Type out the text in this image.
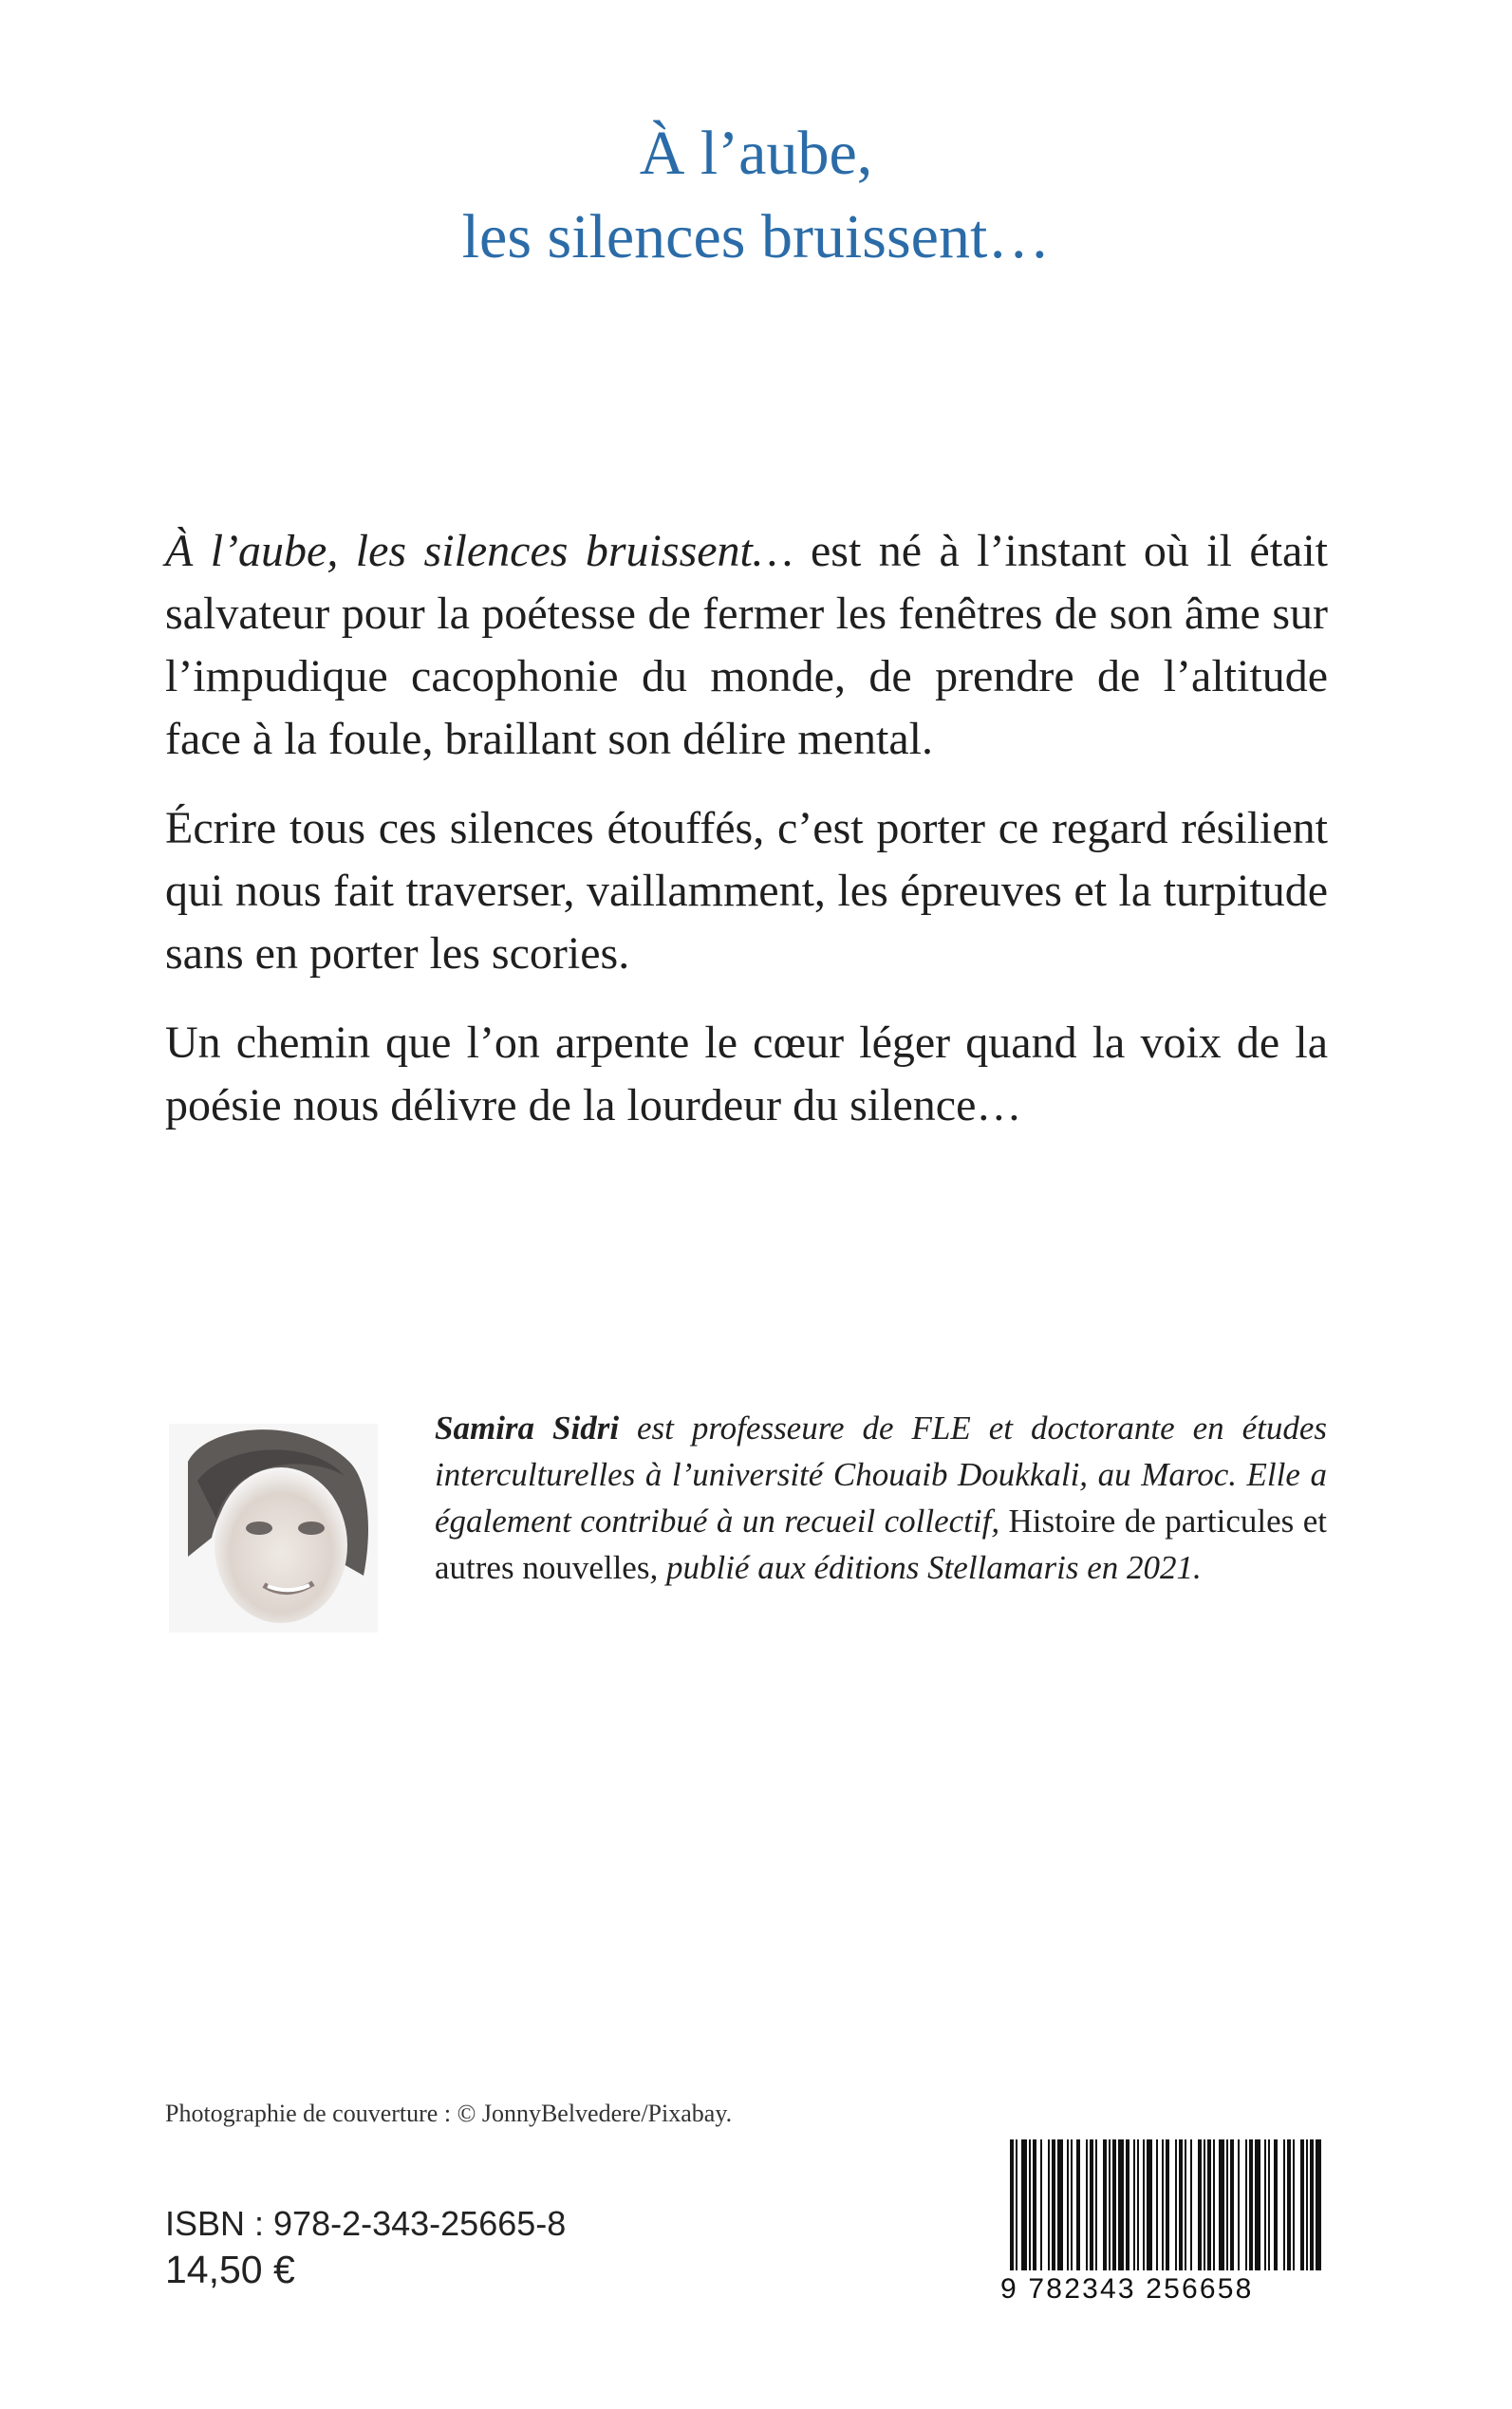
À l’aube,
les silences bruissent…

À l’aube, les silences bruissent… est né à l’instant où il était salvateur pour la poétesse de fermer les fenêtres de son âme sur l’impudique cacophonie du monde, de prendre de l’altitude face à la foule, braillant son délire mental.

Écrire tous ces silences étouffés, c’est porter ce regard résilient qui nous fait traverser, vaillamment, les épreuves et la turpitude sans en porter les scories.

Un chemin que l’on arpente le cœur léger quand la voix de la poésie nous délivre de la lourdeur du silence…

Samira Sidri est professeure de FLE et doctorante en études interculturelles à l’université Chouaib Doukkali, au Maroc. Elle a également contribué à un recueil collectif, Histoire de particules et autres nouvelles, publié aux éditions Stellamaris en 2021.

Photographie de couverture : © JonnyBelvedere/Pixabay.
ISBN : 978-2-343-25665-8
14,50 €	9 782343 256658
